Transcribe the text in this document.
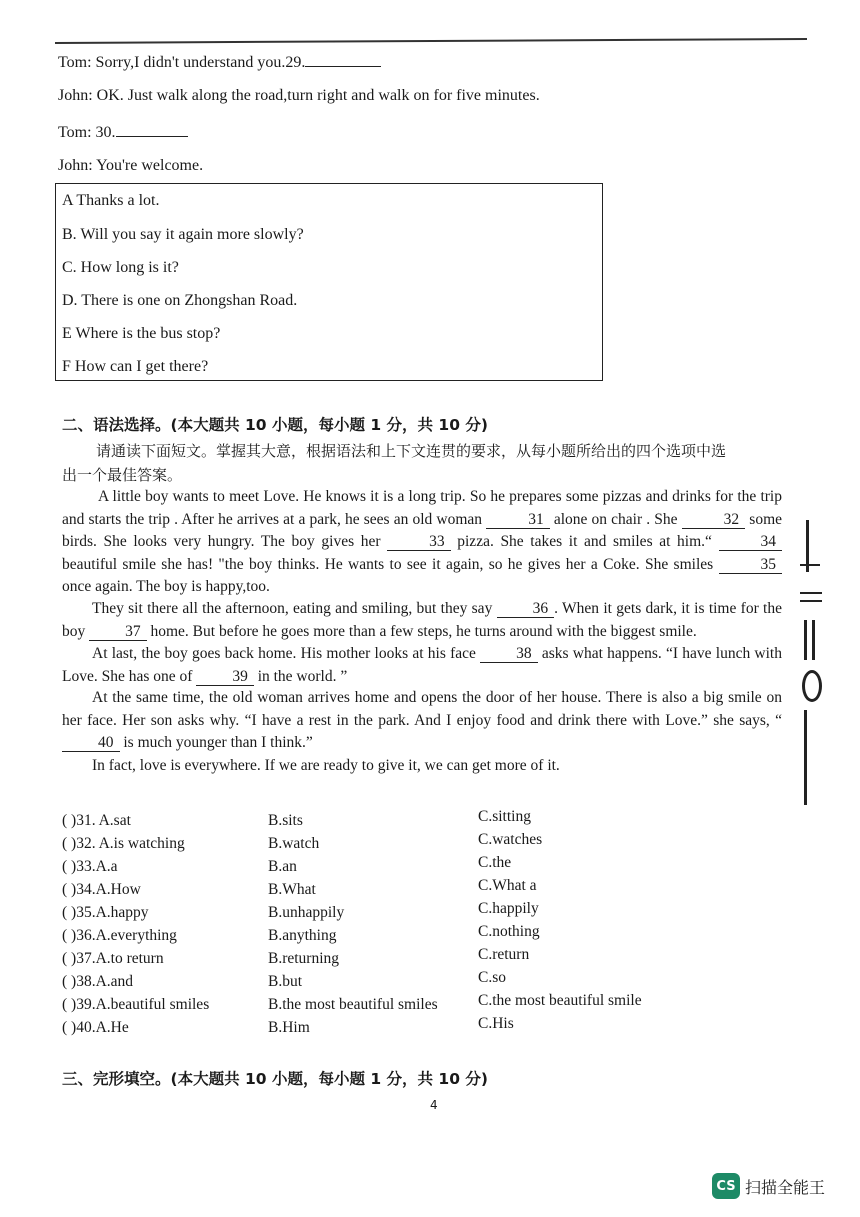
Tom: Sorry,I didn't understand you.29.
John: OK. Just walk along the road,turn right and walk on for five minutes.
Tom: 30.
John: You're welcome.
A Thanks a lot.
B. Will you say it again more slowly?
C. How long is it?
D. There is one on Zhongshan Road.
E Where is the bus stop?
F How can I get there?
二、语法选择。(本大题共 10 小题，每小题 1 分，共 10 分)
请通读下面短文。掌握其大意，根据语法和上下文连贯的要求，从每小题所给出的四个选项中选
出一个最佳答案。
A little boy wants to meet Love. He knows it is a long trip. So he prepares some pizzas and drinks for the trip and starts the trip . After he arrives at a park, he sees an old woman	31 alone on chair . She	32 some birds. She looks very hungry. The boy gives her	33 pizza. She takes it and smiles at him.“	34 beautiful smile she has! "the boy thinks. He wants to see it again, so he gives her a Coke. She smiles	35 once again. The boy is happy,too.
They sit there all the afternoon, eating and smiling, but they say 36 . When it gets dark, it is time for the boy 37 home. But before he goes more than a few steps, he turns around with the biggest smile.
At last, the boy goes back home. His mother looks at his face 38 asks what happens. “I have lunch with Love. She has one of 39 in the world. ”
At the same time, the old woman arrives home and opens the door of her house. There is also a big smile on her face. Her son asks why. “I have a rest in the park. And I enjoy food and drink there with Love.” she says, “ 40 is much younger than I think.”
In fact, love is everywhere. If we are ready to give it, we can get more of it.
( )31. A.sat	B.sits	C.sitting
( )32. A.is watching	B.watch	C.watches
( )33.A.a	B.an	C.the
( )34.A.How	B.What	C.What a
( )35.A.happy	B.unhappily	C.happily
( )36.A.everything	B.anything	C.nothing
( )37.A.to return	B.returning	C.return
( )38.A.and	B.but	C.so
( )39.A.beautiful smiles	B.the most beautiful smiles	C.the most beautiful smile
( )40.A.He	B.Him	C.His
三、完形填空。(本大题共 10 小题，每小题 1 分，共 10 分)
4
CS 扫描全能王
